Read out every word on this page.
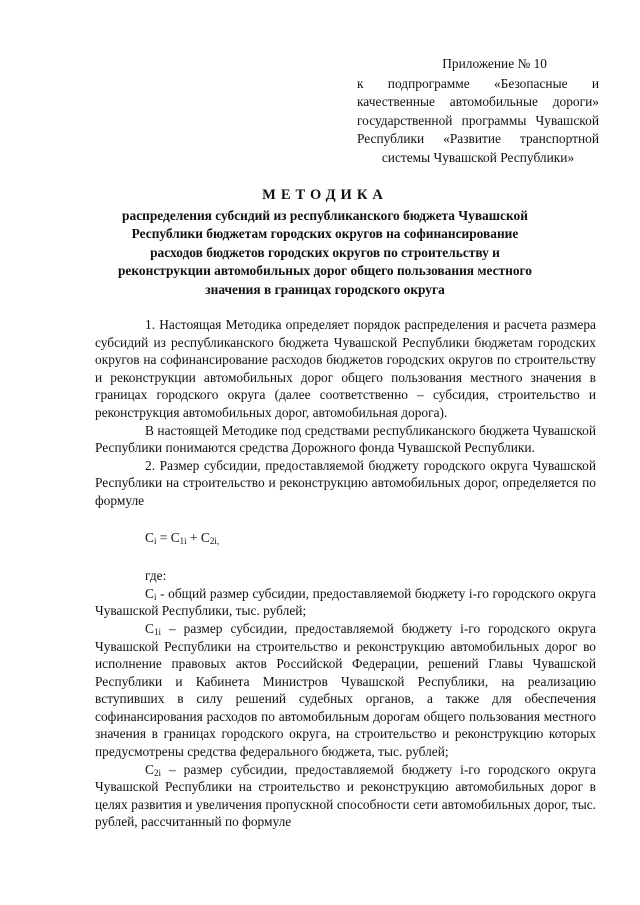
Приложение № 10
к подпрограмме «Безопасные и качественные автомобильные дороги» государственной программы Чувашской Республики «Развитие транспортной системы Чувашской Республики»
МЕТОДИКА
распределения субсидий из республиканского бюджета Чувашской Республики бюджетам городских округов на софинансирование расходов бюджетов городских округов по строительству и реконструкции автомобильных дорог общего пользования местного значения в границах городского округа

1. Настоящая Методика определяет порядок распределения и расчета размера субсидий из республиканского бюджета Чувашской Республики бюджетам городских округов на софинансирование расходов бюджетов городских округов по строительству и реконструкции автомобильных дорог общего пользования местного значения в границах городского округа (далее соответственно – субсидия, строительство и реконструкция автомобильных дорог, автомобильная дорога).

В настоящей Методике под средствами республиканского бюджета Чувашской Республики понимаются средства Дорожного фонда Чувашской Республики.

2. Размер субсидии, предоставляемой бюджету городского округа Чувашской Республики на строительство и реконструкцию автомобильных дорог, определяется по формуле

$C_i = C_{1i} + C_{2i,}$

где:

$C_i$ - общий размер субсидии, предоставляемой бюджету i-го городского округа Чувашской Республики, тыс. рублей;

$C_{1i}$ – размер субсидии, предоставляемой бюджету i-го городского округа Чувашской Республики на строительство и реконструкцию автомобильных дорог во исполнение правовых актов Российской Федерации, решений Главы Чувашской Республики и Кабинета Министров Чувашской Республики, на реализацию вступивших в силу решений судебных органов, а также для обеспечения софинансирования расходов по автомобильным дорогам общего пользования местного значения в границах городского округа, на строительство и реконструкцию которых предусмотрены средства федерального бюджета, тыс. рублей;

$C_{2i}$ – размер субсидии, предоставляемой бюджету i-го городского округа Чувашской Республики на строительство и реконструкцию автомобильных дорог в целях развития и увеличения пропускной способности сети автомобильных дорог, тыс. рублей, рассчитанный по формуле
